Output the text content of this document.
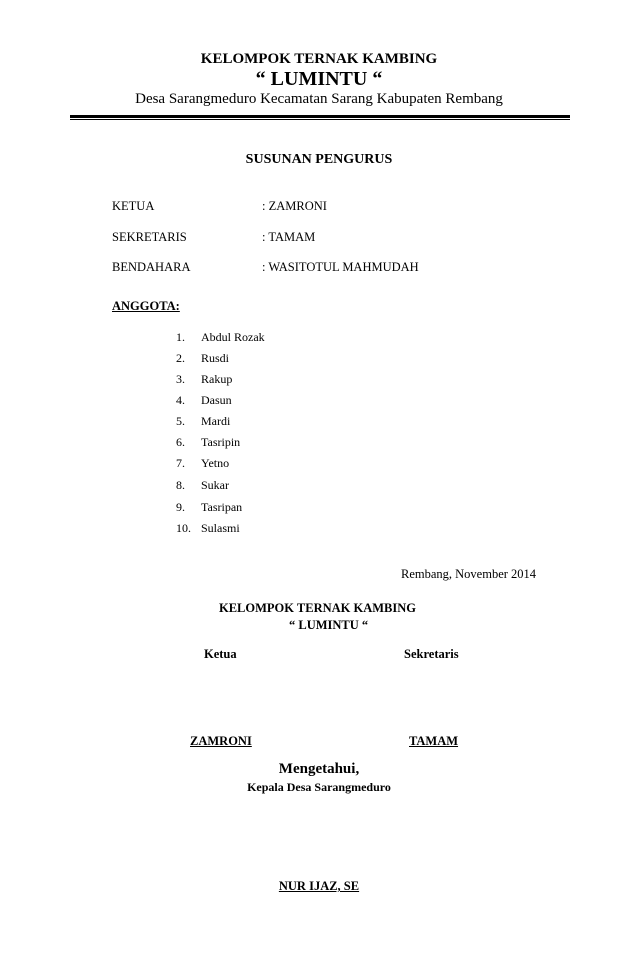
KELOMPOK TERNAK KAMBING
“ LUMINTU “
Desa Sarangmeduro Kecamatan Sarang Kabupaten Rembang
SUSUNAN PENGURUS
KETUA	: ZAMRONI
SEKRETARIS	: TAMAM
BENDAHARA	: WASITOTUL MAHMUDAH
ANGGOTA:
1.	Abdul Rozak
2.	Rusdi
3.	Rakup
4.	Dasun
5.	Mardi
6.	Tasripin
7.	Yetno
8.	Sukar
9.	Tasripan
10. Sulasmi
Rembang, November 2014
KELOMPOK TERNAK KAMBING
“ LUMINTU “
Ketua	Sekretaris
ZAMRONI	TAMAM
Mengetahui,
Kepala Desa Sarangmeduro
NUR IJAZ, SE
